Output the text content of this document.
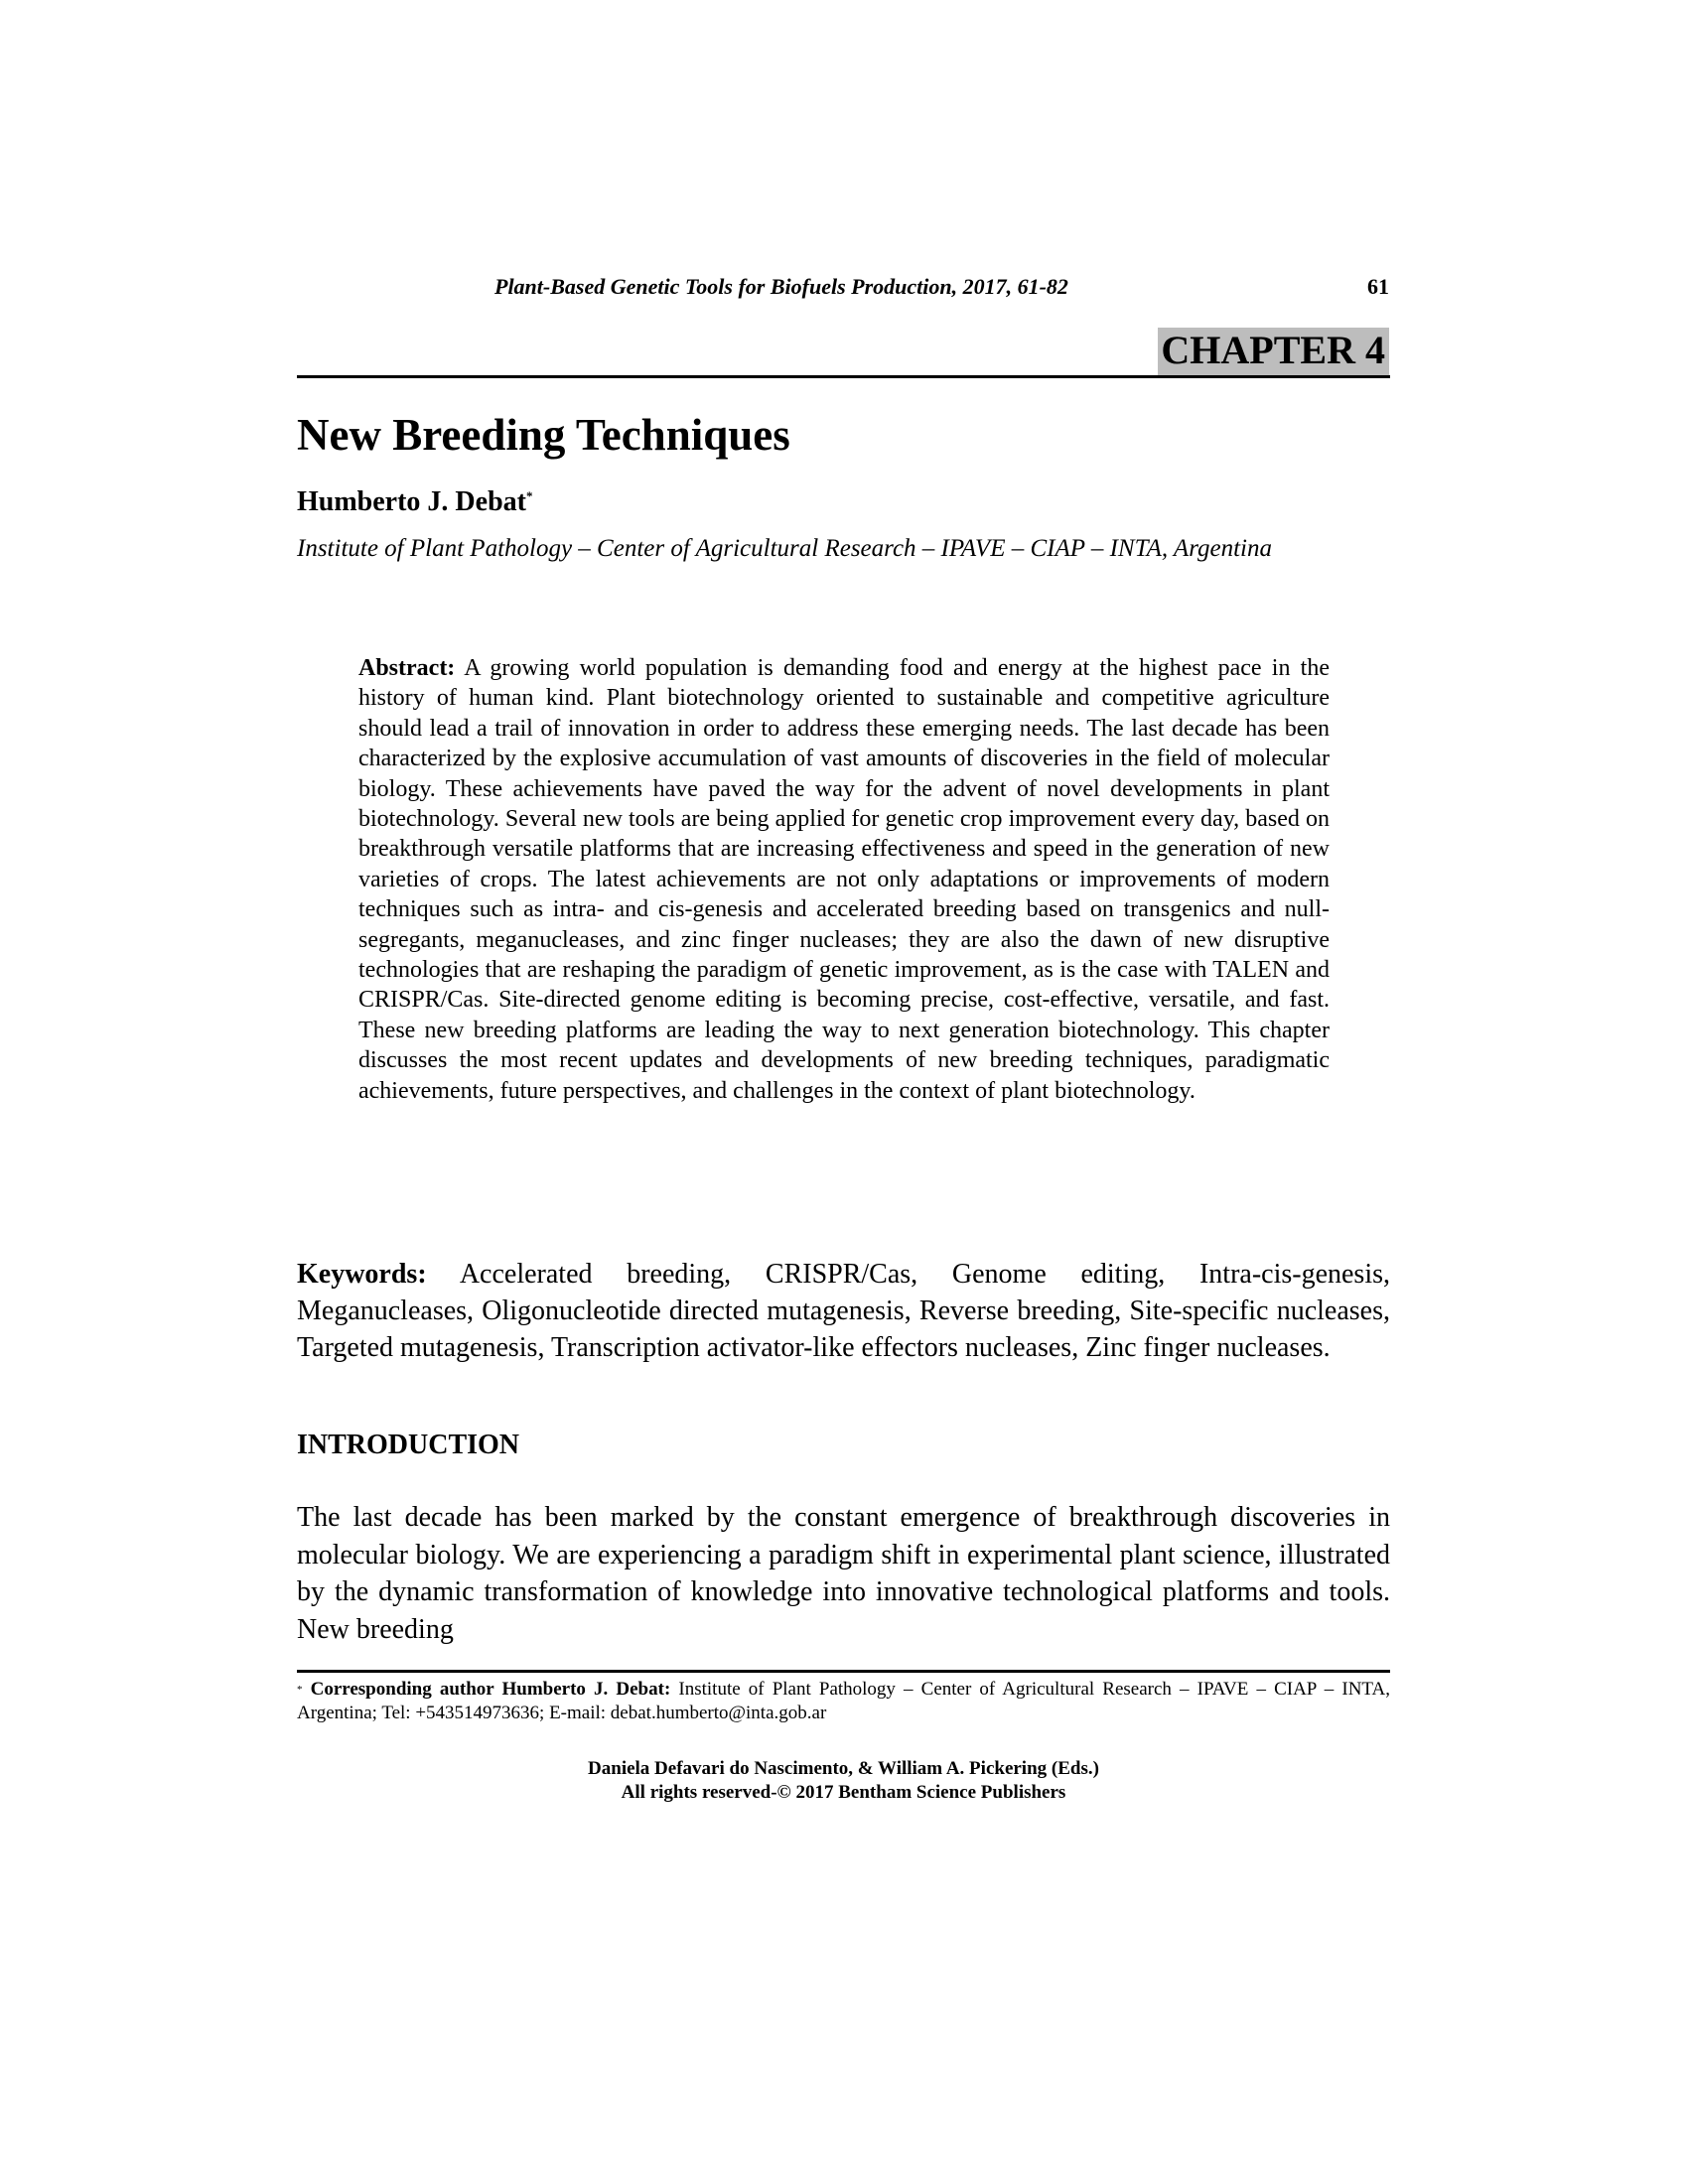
Plant-Based Genetic Tools for Biofuels Production, 2017, 61-82	61
CHAPTER 4
New Breeding Techniques
Humberto J. Debat*
Institute of Plant Pathology – Center of Agricultural Research – IPAVE – CIAP – INTA, Argentina
Abstract: A growing world population is demanding food and energy at the highest pace in the history of human kind. Plant biotechnology oriented to sustainable and competitive agriculture should lead a trail of innovation in order to address these emerging needs. The last decade has been characterized by the explosive accumulation of vast amounts of discoveries in the field of molecular biology. These achievements have paved the way for the advent of novel developments in plant biotechnology. Several new tools are being applied for genetic crop improvement every day, based on breakthrough versatile platforms that are increasing effectiveness and speed in the generation of new varieties of crops. The latest achievements are not only adaptations or improvements of modern techniques such as intra- and cis-genesis and accelerated breeding based on transgenics and null-segregants, meganucleases, and zinc finger nucleases; they are also the dawn of new disruptive technologies that are reshaping the paradigm of genetic improvement, as is the case with TALEN and CRISPR/Cas. Site-directed genome editing is becoming precise, cost-effective, versatile, and fast. These new breeding platforms are leading the way to next generation biotechnology. This chapter discusses the most recent updates and developments of new breeding techniques, paradigmatic achievements, future perspectives, and challenges in the context of plant biotechnology.
Keywords: Accelerated breeding, CRISPR/Cas, Genome editing, Intra-cis-genesis, Meganucleases, Oligonucleotide directed mutagenesis, Reverse breeding, Site-specific nucleases, Targeted mutagenesis, Transcription activator-like effectors nucleases, Zinc finger nucleases.
INTRODUCTION
The last decade has been marked by the constant emergence of breakthrough discoveries in molecular biology. We are experiencing a paradigm shift in experimental plant science, illustrated by the dynamic transformation of knowledge into innovative technological platforms and tools. New breeding
* Corresponding author Humberto J. Debat: Institute of Plant Pathology – Center of Agricultural Research – IPAVE – CIAP – INTA, Argentina; Tel: +543514973636; E-mail: debat.humberto@inta.gob.ar
Daniela Defavari do Nascimento, & William A. Pickering (Eds.)
All rights reserved-© 2017 Bentham Science Publishers
